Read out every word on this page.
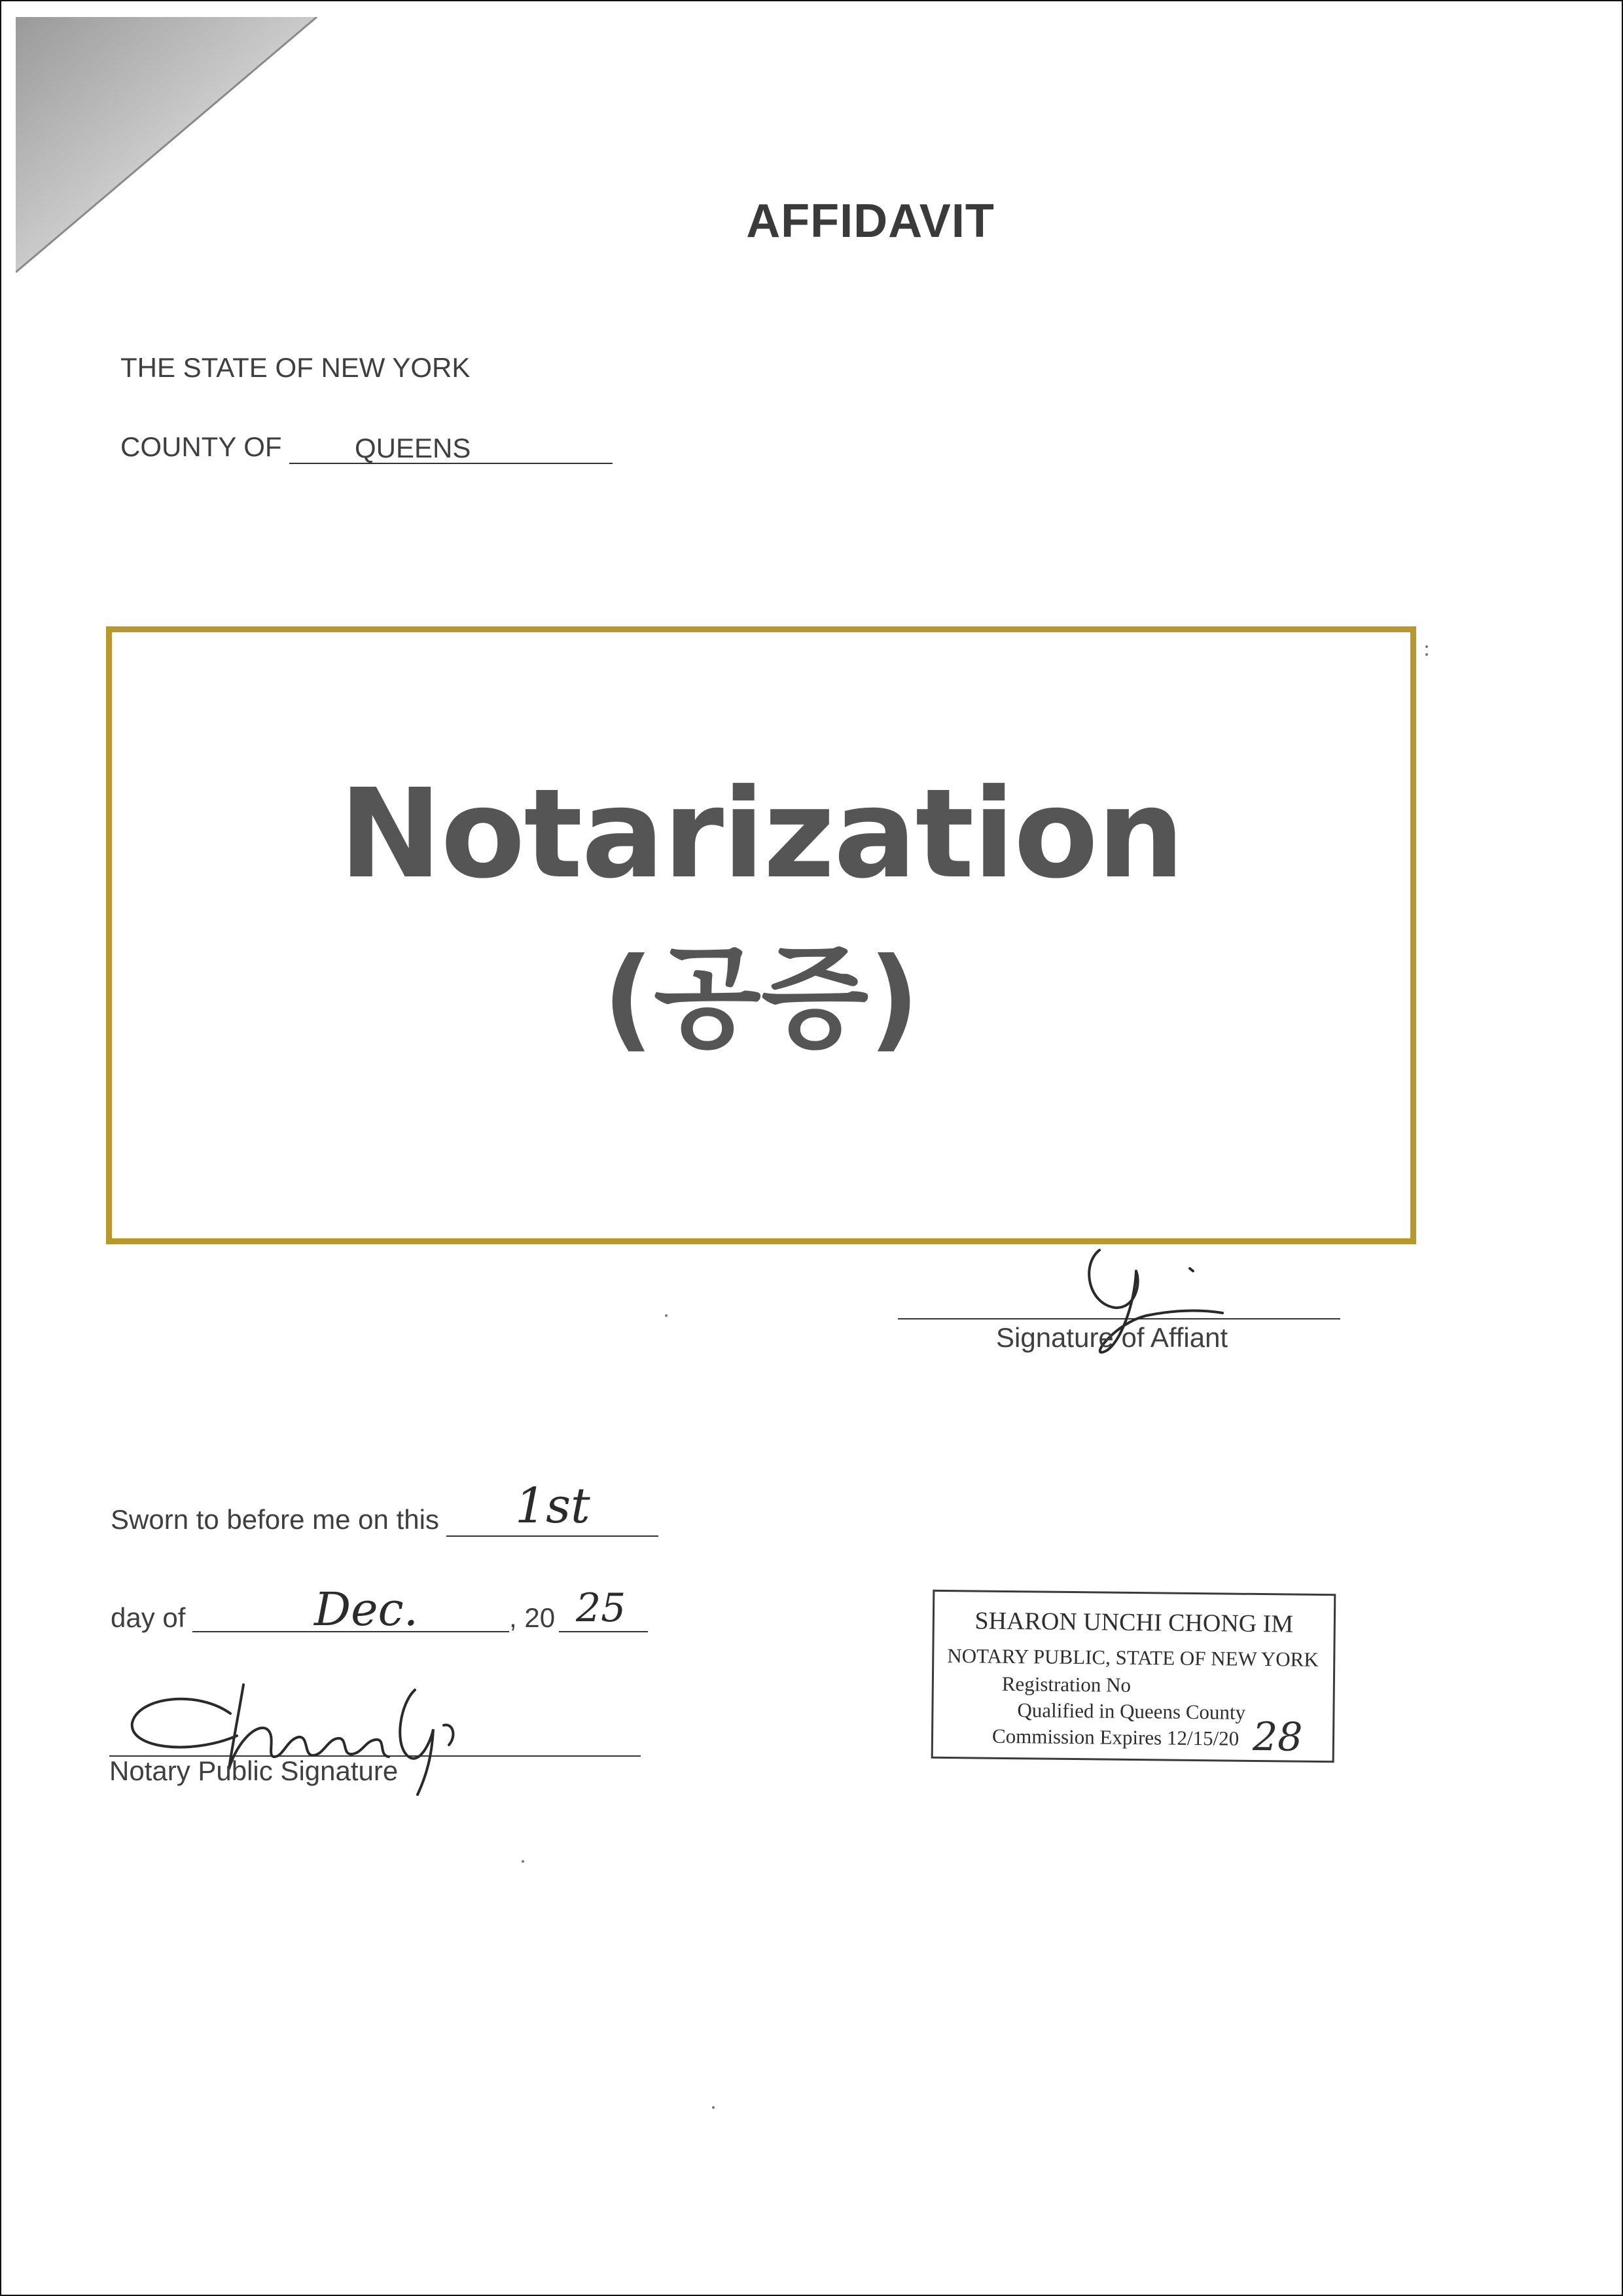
AFFIDAVIT
THE STATE OF NEW YORK
COUNTY OF	QUEENS
Notarization
(공증)
Signature of Affiant
Sworn to before me on this 1st
day of	Dec.	, 20 25
Notary Public Signature
SHARON UNCHI CHONG IM
NOTARY PUBLIC, STATE OF NEW YORK
Registration No
Qualified in Queens County
Commission Expires 12/15/20 28
